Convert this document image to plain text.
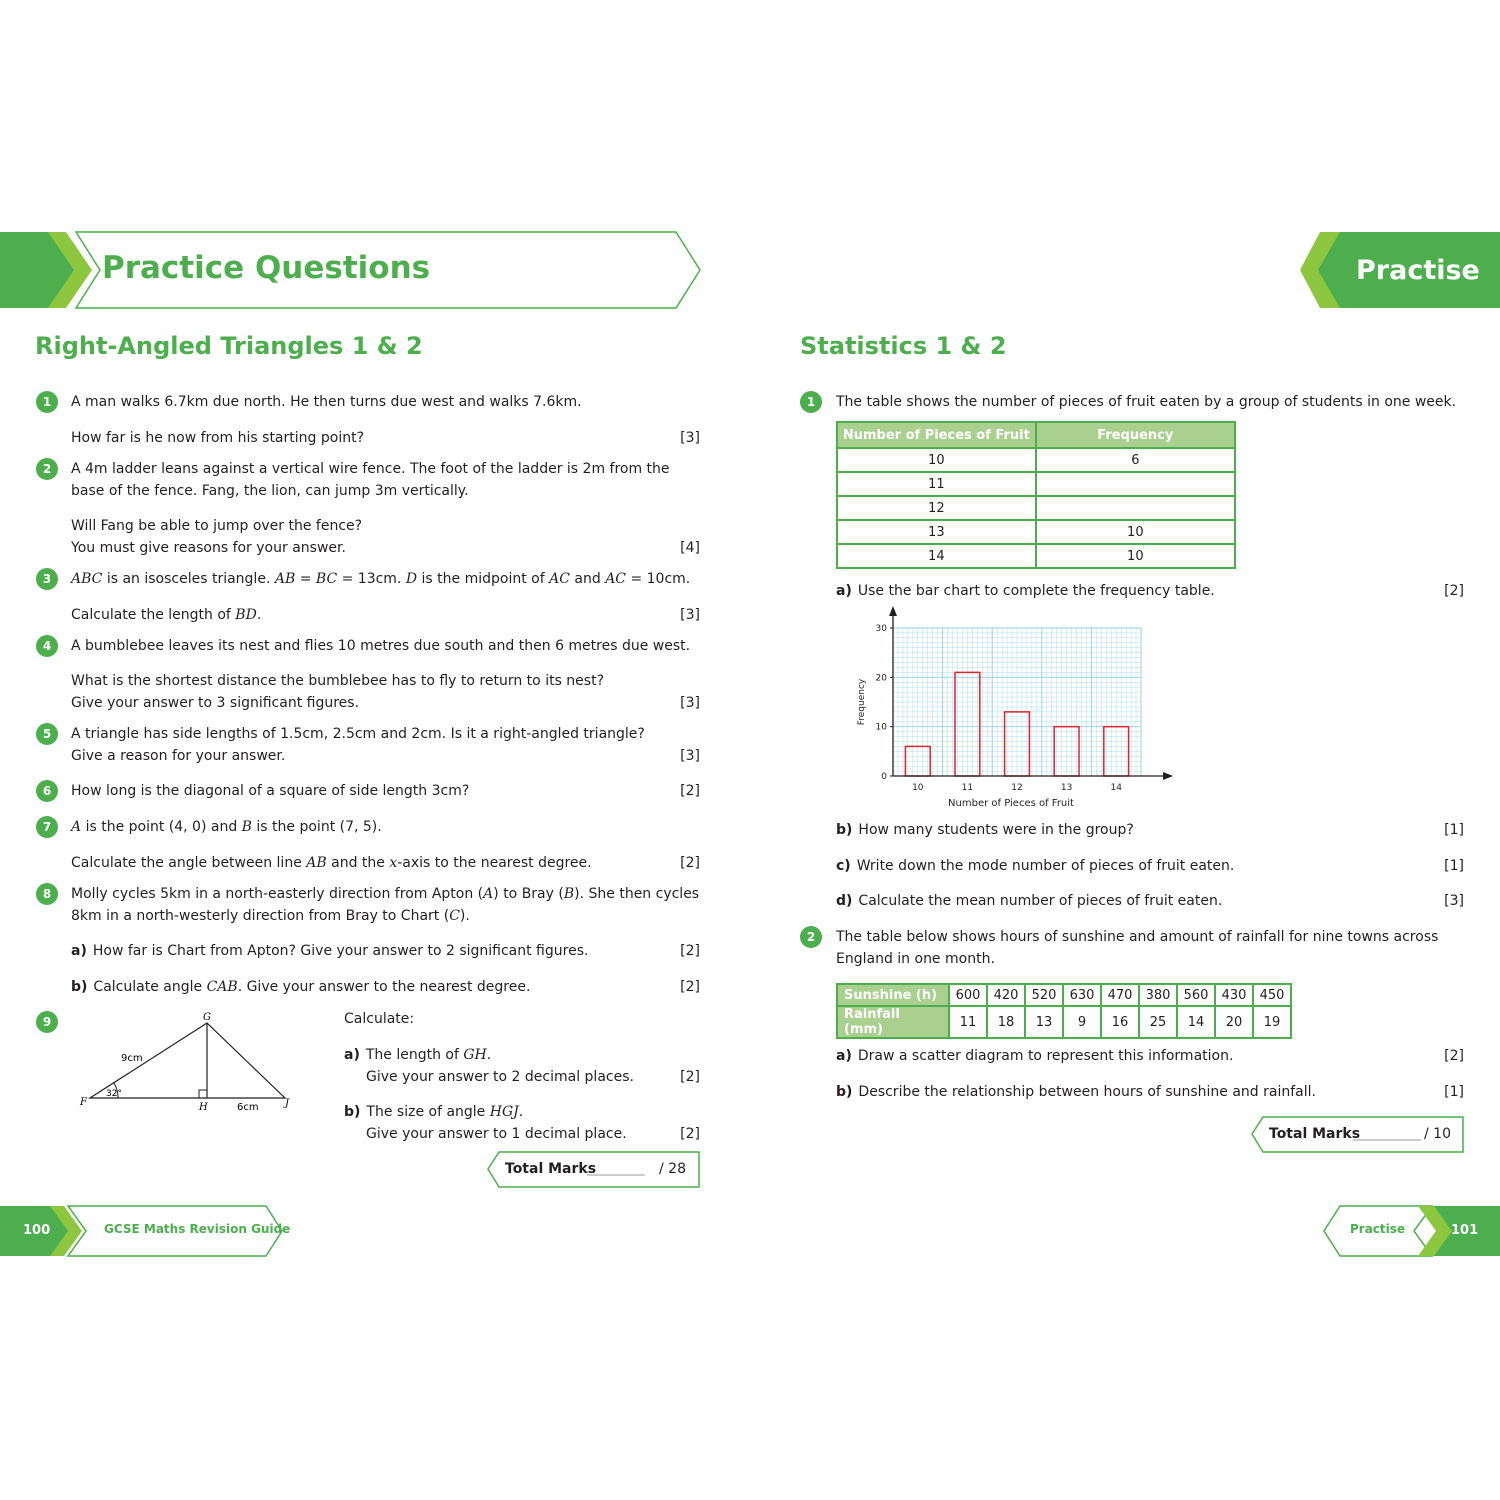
Practice Questions	Practise
Right-Angled Triangles 1 & 2
1	A man walks 6.7km due north. He then turns due west and walks 7.6km.
How far is he now from his starting point?	[3]
2	A 4m ladder leans against a vertical wire fence. The foot of the ladder is 2m from the
base of the fence. Fang, the lion, can jump 3m vertically.
Will Fang be able to jump over the fence?
You must give reasons for your answer.	[4]
3	ABC is an isosceles triangle. AB = BC = 13cm. D is the midpoint of AC and AC = 10cm.
Calculate the length of BD.	[3]
4	A bumblebee leaves its nest and flies 10 metres due south and then 6 metres due west.
What is the shortest distance the bumblebee has to fly to return to its nest?
Give your answer to 3 significant figures.	[3]
5	A triangle has side lengths of 1.5cm, 2.5cm and 2cm. Is it a right-angled triangle?
Give a reason for your answer.	[3]
6	How long is the diagonal of a square of side length 3cm?	[2]
7	A is the point (4, 0) and B is the point (7, 5).
Calculate the angle between line AB and the x-axis to the nearest degree.	[2]
8	Molly cycles 5km in a north-easterly direction from Apton (A) to Bray (B). She then cycles
8km in a north-westerly direction from Bray to Chart (C).
a) How far is Chart from Apton? Give your answer to 2 significant figures.	[2]
b) Calculate angle CAB. Give your answer to the nearest degree.	[2]
9	G
F	H	J
9cm
6cm
32°
Calculate:
a) The length of GH.
Give your answer to 2 decimal places.	[2]
b) The size of angle HGJ.
Give your answer to 1 decimal place.	[2]
Total Marks	/ 28
Statistics 1 & 2
1	The table shows the number of pieces of fruit eaten by a group of students in one week.
Number of Pieces of Fruit	Frequency
10	6
11	
12	
13	10
14	10
a) Use the bar chart to complete the frequency table.	[2]
10	11	12	13	14
0
10
20
30
Number of Pieces of Fruit
Frequency
b) How many students were in the group?	[1]
c) Write down the mode number of pieces of fruit eaten.	[1]
d) Calculate the mean number of pieces of fruit eaten.	[3]
2	The table below shows hours of sunshine and amount of rainfall for nine towns across
England in one month.
Sunshine (h)	600	420	520	630	470	380	560	430	450
Rainfall (mm)	11	18	13	9	16	25	14	20	19
a) Draw a scatter diagram to represent this information.	[2]
b) Describe the relationship between hours of sunshine and rainfall.	[1]
Total Marks	/ 10
100	GCSE Maths Revision Guide	Practise	101
